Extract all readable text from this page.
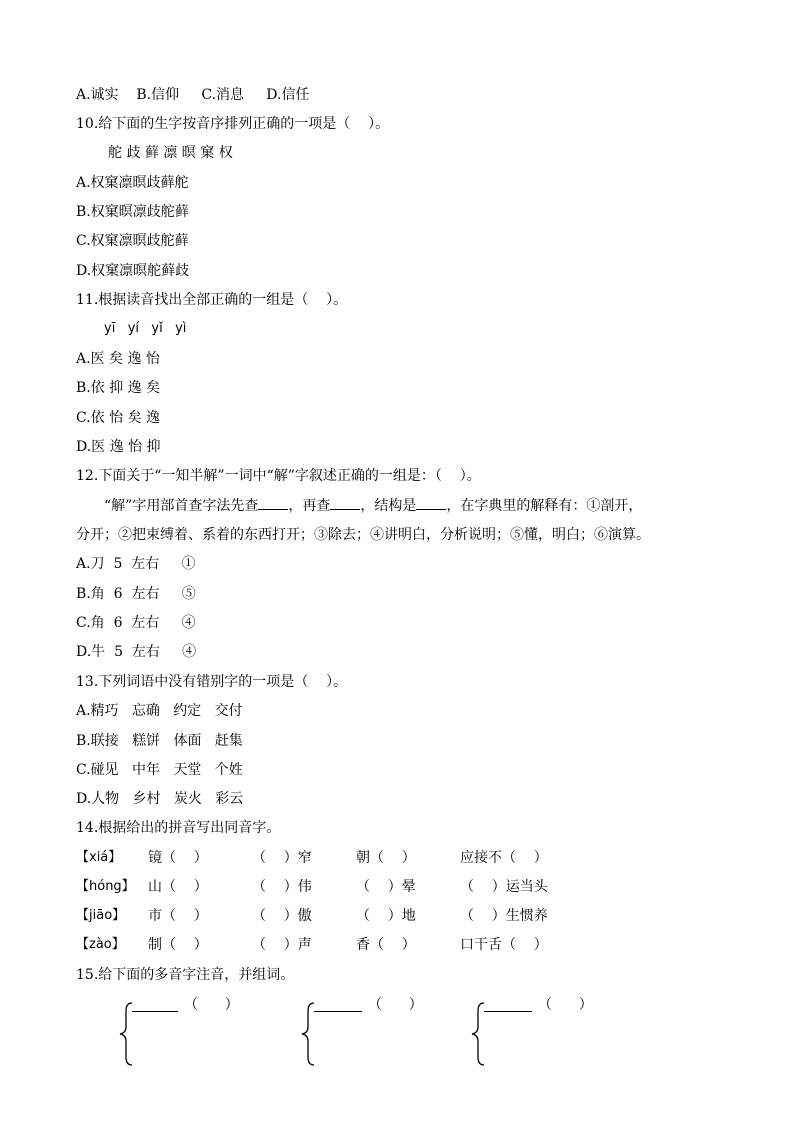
A.诚实    B.信仰     C.消息     D.信任
10.给下面的生字按音序排列正确的一项是（    ）。
舵 歧 藓 凛 暝 窠 权
A.权窠凛暝歧藓舵
B.权窠暝凛歧舵藓
C.权窠凛暝歧舵藓
D.权窠凛暝舵藓歧
11.根据读音找出全部正确的一组是（    ）。
yī   yí   yǐ   yì
A.医 矣 逸 怡
B.依 抑 逸 矣
C.依 怡 矣 逸
D.医 逸 怡 抑
12.下面关于“一知半解”一词中“解”字叙述正确的一组是：（    ）。
“解”字用部首查字法先查 ，再查 ，结构是 ，在字典里的解释有：①剖开，
分开；②把束缚着、系着的东西打开；③除去；④讲明白，分析说明；⑤懂，明白；⑥演算。
A.刀  5  左右     ①
B.角  6  左右     ⑤
C.角  6  左右     ④
D.牛  5  左右     ④
13.下列词语中没有错别字的一项是（    ）。
A.精巧   忘确   约定   交付
B.联接   糕饼   体面   赶集
C.碰见   中年   天堂   个姓
D.人物   乡村   炭火   彩云
14.根据给出的拼音写出同音字。
【xiá】 镜（    ）	（    ）窄	朝（    ）	应接不（    ）
【hóng】 山（    ）	（    ）伟	（    ）晕	（    ）运当头
【jiāo】 市（    ）	（    ）傲	（    ）地	（    ）生惯养
【zào】 制（    ）	（    ）声	香（    ）	口干舌（    ）
15.给下面的多音字注音，并组词。
（      ）	（      ）	（      ）
